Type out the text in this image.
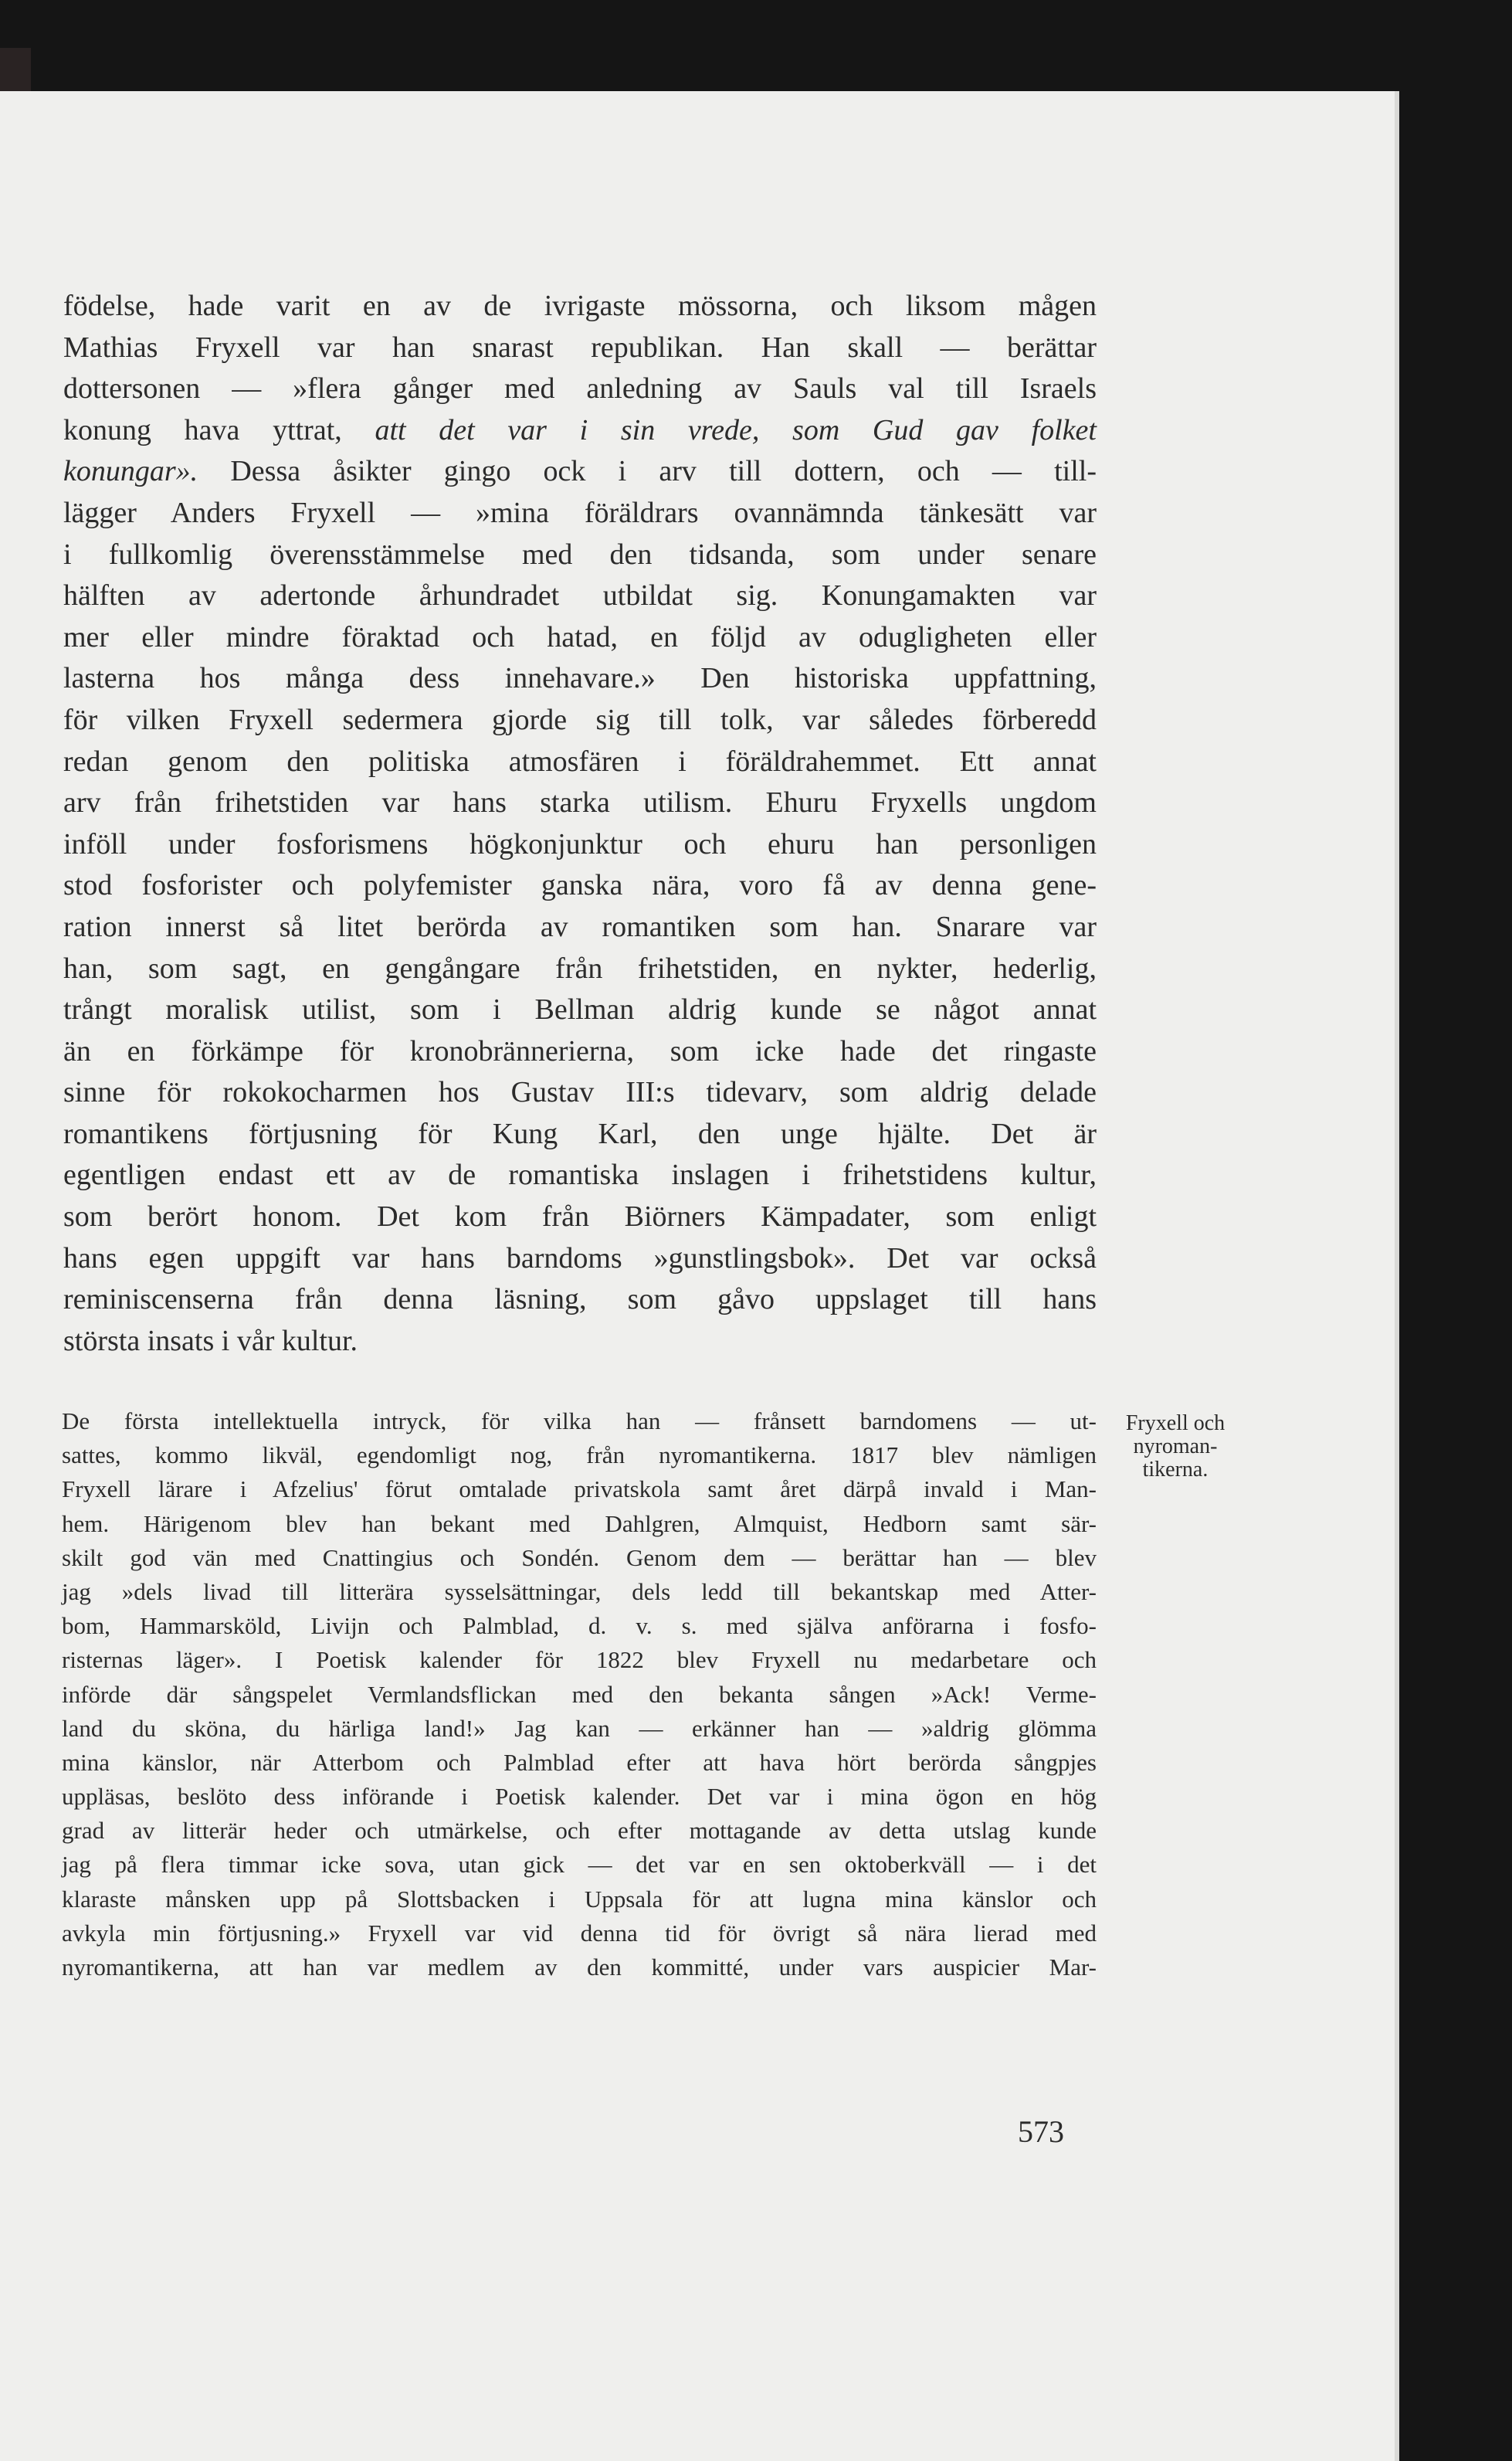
födelse, hade varit en av de ivrigaste mössorna, och liksom mågen
Mathias Fryxell var han snarast republikan. Han skall — berättar
dottersonen — »flera gånger med anledning av Sauls val till Israels
konung hava yttrat, att det var i sin vrede, som Gud gav folket
konungar». Dessa åsikter gingo ock i arv till dottern, och — till-
lägger Anders Fryxell — »mina föräldrars ovannämnda tänkesätt var
i fullkomlig överensstämmelse med den tidsanda, som under senare
hälften av adertonde århundradet utbildat sig. Konungamakten var
mer eller mindre föraktad och hatad, en följd av odugligheten eller
lasterna hos många dess innehavare.» Den historiska uppfattning,
för vilken Fryxell sedermera gjorde sig till tolk, var således förberedd
redan genom den politiska atmosfären i föräldrahemmet. Ett annat
arv från frihetstiden var hans starka utilism. Ehuru Fryxells ungdom
inföll under fosforismens högkonjunktur och ehuru han personligen
stod fosforister och polyfemister ganska nära, voro få av denna gene-
ration innerst så litet berörda av romantiken som han. Snarare var
han, som sagt, en gengångare från frihetstiden, en nykter, hederlig,
trångt moralisk utilist, som i Bellman aldrig kunde se något annat
än en förkämpe för kronobrännerierna, som icke hade det ringaste
sinne för rokokocharmen hos Gustav III:s tidevarv, som aldrig delade
romantikens förtjusning för Kung Karl, den unge hjälte. Det är
egentligen endast ett av de romantiska inslagen i frihetstidens kultur,
som berört honom. Det kom från Biörners Kämpadater, som enligt
hans egen uppgift var hans barndoms »gunstlingsbok». Det var också
reminiscenserna från denna läsning, som gåvo uppslaget till hans
största insats i vår kultur.
De första intellektuella intryck, för vilka han — frånsett barndomens — ut-
sattes, kommo likväl, egendomligt nog, från nyromantikerna. 1817 blev nämligen
Fryxell lärare i Afzelius' förut omtalade privatskola samt året därpå invald i Man-
hem. Härigenom blev han bekant med Dahlgren, Almquist, Hedborn samt sär-
skilt god vän med Cnattingius och Sondén. Genom dem — berättar han — blev
jag »dels livad till litterära sysselsättningar, dels ledd till bekantskap med Atter-
bom, Hammarsköld, Livijn och Palmblad, d. v. s. med själva anförarna i fosfo-
risternas läger». I Poetisk kalender för 1822 blev Fryxell nu medarbetare och
införde där sångspelet Vermlandsflickan med den bekanta sången »Ack! Verme-
land du sköna, du härliga land!» Jag kan — erkänner han — »aldrig glömma
mina känslor, när Atterbom och Palmblad efter att hava hört berörda sångpjes
uppläsas, beslöto dess införande i Poetisk kalender. Det var i mina ögon en hög
grad av litterär heder och utmärkelse, och efter mottagande av detta utslag kunde
jag på flera timmar icke sova, utan gick — det var en sen oktoberkväll — i det
klaraste månsken upp på Slottsbacken i Uppsala för att lugna mina känslor och
avkyla min förtjusning.» Fryxell var vid denna tid för övrigt så nära lierad med
nyromantikerna, att han var medlem av den kommitté, under vars auspicier Mar-
Fryxell och
nyroman-
tikerna.
573
